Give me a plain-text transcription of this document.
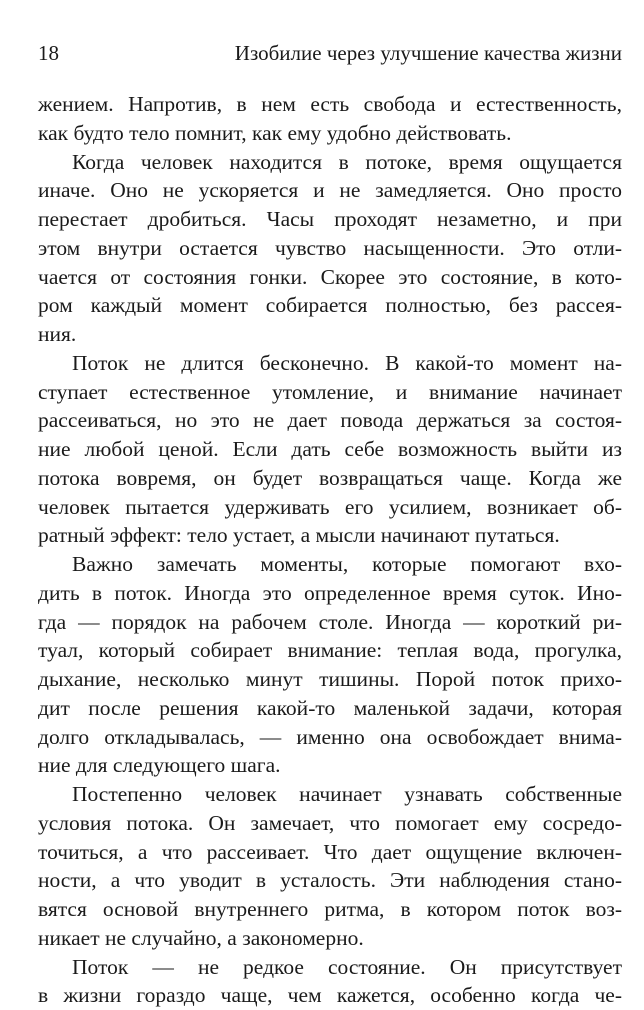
18	Изобилие через улучшение качества жизни
жением. Напротив, в нем есть свобода и естественность,
как будто тело помнит, как ему удобно действовать.
Когда человек находится в потоке, время ощущается
иначе. Оно не ускоряется и не замедляется. Оно просто
перестает дробиться. Часы проходят незаметно, и при
этом внутри остается чувство насыщенности. Это отли-
чается от состояния гонки. Скорее это состояние, в кото-
ром каждый момент собирается полностью, без рассея-
ния.
Поток не длится бесконечно. В какой-то момент на-
ступает естественное утомление, и внимание начинает
рассеиваться, но это не дает повода держаться за состоя-
ние любой ценой. Если дать себе возможность выйти из
потока вовремя, он будет возвращаться чаще. Когда же
человек пытается удерживать его усилием, возникает об-
ратный эффект: тело устает, а мысли начинают путаться.
Важно замечать моменты, которые помогают вхо-
дить в поток. Иногда это определенное время суток. Ино-
гда — порядок на рабочем столе. Иногда — короткий ри-
туал, который собирает внимание: теплая вода, прогулка,
дыхание, несколько минут тишины. Порой поток прихо-
дит после решения какой-то маленькой задачи, которая
долго откладывалась, — именно она освобождает внима-
ние для следующего шага.
Постепенно человек начинает узнавать собственные
условия потока. Он замечает, что помогает ему сосредо-
точиться, а что рассеивает. Что дает ощущение включен-
ности, а что уводит в усталость. Эти наблюдения стано-
вятся основой внутреннего ритма, в котором поток воз-
никает не случайно, а закономерно.
Поток — не редкое состояние. Он присутствует
в жизни гораздо чаще, чем кажется, особенно когда че-
